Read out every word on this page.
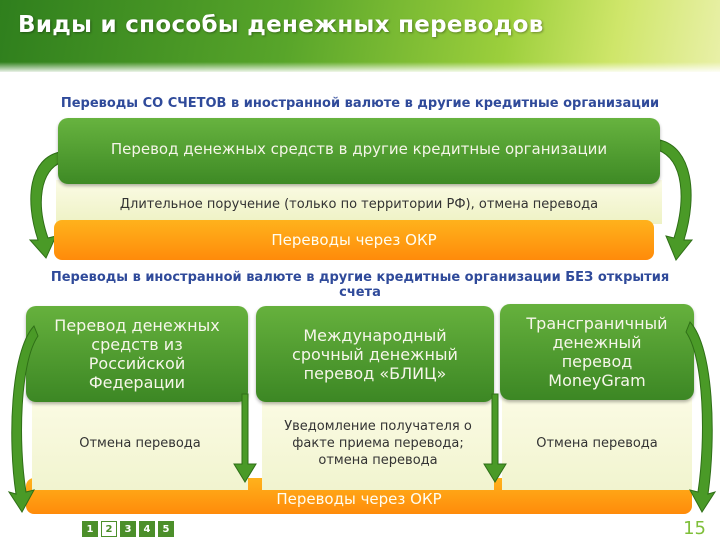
Виды и способы денежных переводов
Переводы СО СЧЕТОВ в иностранной валюте в другие кредитные организации
Длительное поручение (только по территории РФ), отмена перевода
Перевод денежных средств в другие кредитные организации
Переводы через ОКР
Переводы в иностранной валюте в другие кредитные организации БЕЗ открытия счета
Переводы через ОКР
Отмена перевода
Перевод денежных средств из Российской Федерации
Уведомление получателя о факте приема перевода; отмена перевода
Международный срочный денежный перевод «БЛИЦ»
Отмена перевода
Трансграничный денежный перевод MoneyGram
1	2	3	4	5	15
